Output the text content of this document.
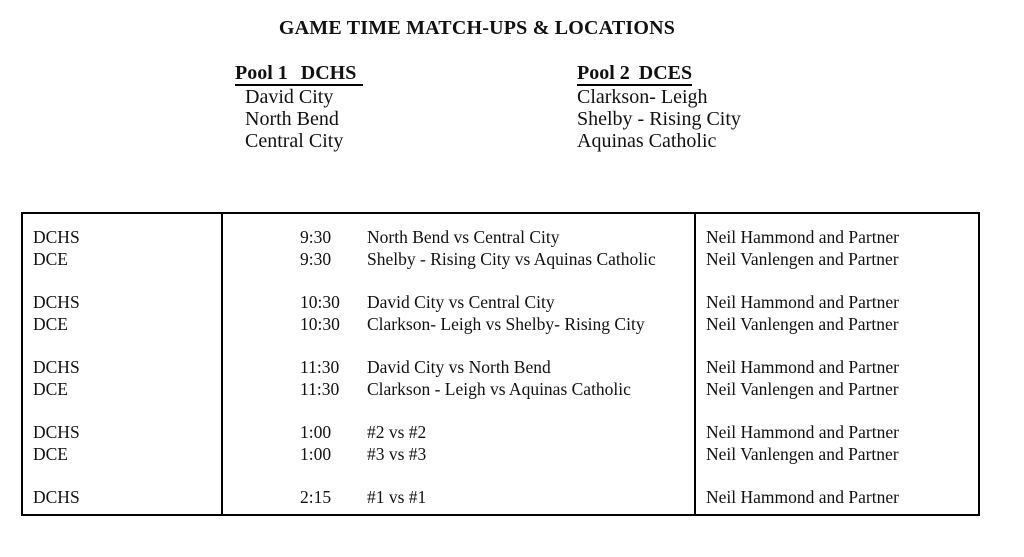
GAME TIME MATCH-UPS & LOCATIONS
Pool 1 DCHS
David City
North Bend
Central City
Pool 2 DCES
Clarkson- Leigh
Shelby - Rising City
Aquinas Catholic
DCHS	9:30	North Bend vs Central City	Neil Hammond and Partner
DCE	9:30	Shelby - Rising City vs Aquinas Catholic	Neil Vanlengen and Partner
DCHS	10:30	David City vs Central City	Neil Hammond and Partner
DCE	10:30	Clarkson- Leigh vs Shelby- Rising City	Neil Vanlengen and Partner
DCHS	11:30	David City vs North Bend	Neil Hammond and Partner
DCE	11:30	Clarkson - Leigh vs Aquinas Catholic	Neil Vanlengen and Partner
DCHS	1:00	#2 vs #2	Neil Hammond and Partner
DCE	1:00	#3 vs #3	Neil Vanlengen and Partner
DCHS	2:15	#1 vs #1	Neil Hammond and Partner
